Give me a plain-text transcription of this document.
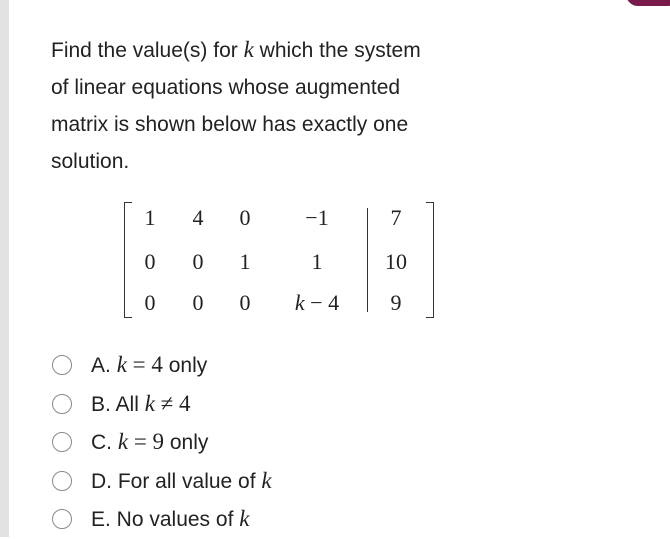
Find the value(s) for k which the system
of linear equations whose augmented
matrix is shown below has exactly one
solution.
1	4	0	−1	7
0	0	1	1	10
0	0	0	k − 4	9
A. k = 4 only
B. All k ≠ 4
C. k = 9 only
D. For all value of k
E. No values of k
